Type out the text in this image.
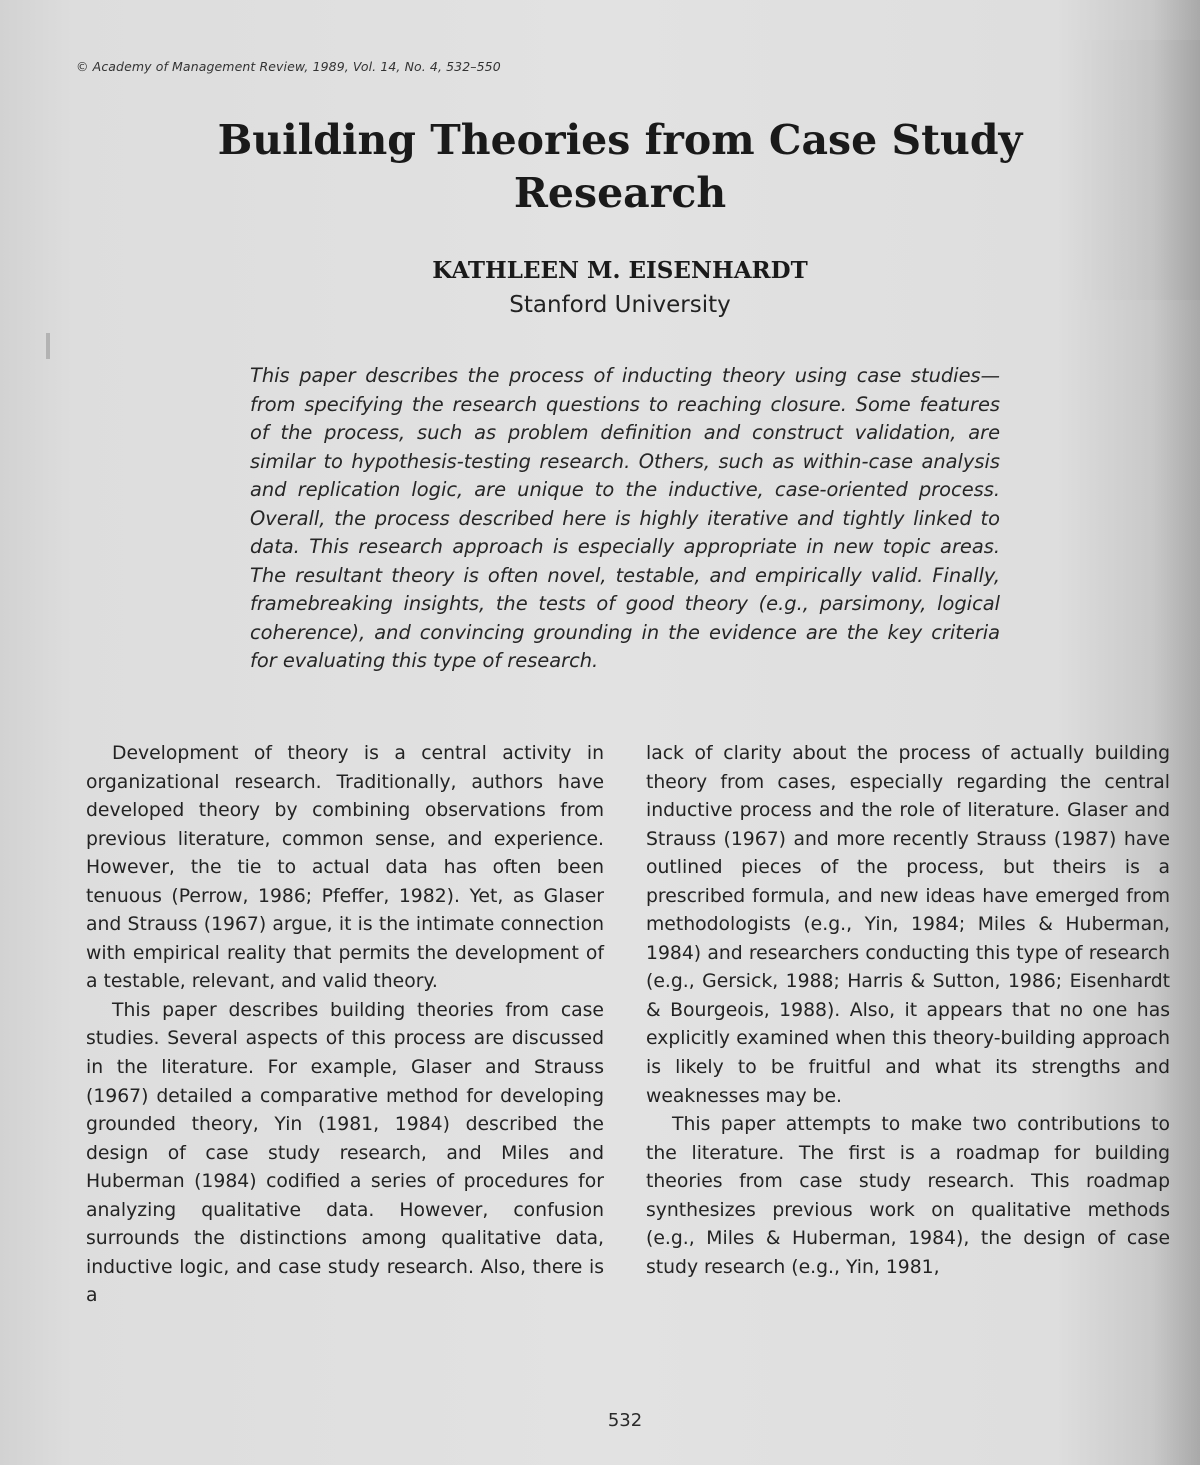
© Academy of Management Review, 1989, Vol. 14, No. 4, 532–550
Building Theories from Case Study Research
KATHLEEN M. EISENHARDT
Stanford University

This paper describes the process of inducting theory using case studies—from specifying the research questions to reaching closure. Some features of the process, such as problem definition and construct validation, are similar to hypothesis-testing research. Others, such as within-case analysis and replication logic, are unique to the inductive, case-oriented process. Overall, the process described here is highly iterative and tightly linked to data. This research approach is especially appropriate in new topic areas. The resultant theory is often novel, testable, and empirically valid. Finally, framebreaking insights, the tests of good theory (e.g., parsimony, logical coherence), and convincing grounding in the evidence are the key criteria for evaluating this type of research.

Development of theory is a central activity in organizational research. Traditionally, authors have developed theory by combining observations from previous literature, common sense, and experience. However, the tie to actual data has often been tenuous (Perrow, 1986; Pfeffer, 1982). Yet, as Glaser and Strauss (1967) argue, it is the intimate connection with empirical reality that permits the development of a testable, relevant, and valid theory.

This paper describes building theories from case studies. Several aspects of this process are discussed in the literature. For example, Glaser and Strauss (1967) detailed a comparative method for developing grounded theory, Yin (1981, 1984) described the design of case study research, and Miles and Huberman (1984) codified a series of procedures for analyzing qualitative data. However, confusion surrounds the distinctions among qualitative data, inductive logic, and case study research. Also, there is a

lack of clarity about the process of actually building theory from cases, especially regarding the central inductive process and the role of literature. Glaser and Strauss (1967) and more recently Strauss (1987) have outlined pieces of the process, but theirs is a prescribed formula, and new ideas have emerged from methodologists (e.g., Yin, 1984; Miles & Huberman, 1984) and researchers conducting this type of research (e.g., Gersick, 1988; Harris & Sutton, 1986; Eisenhardt & Bourgeois, 1988). Also, it appears that no one has explicitly examined when this theory-building approach is likely to be fruitful and what its strengths and weaknesses may be.

This paper attempts to make two contributions to the literature. The first is a roadmap for building theories from case study research. This roadmap synthesizes previous work on qualitative methods (e.g., Miles & Huberman, 1984), the design of case study research (e.g., Yin, 1981,

532
